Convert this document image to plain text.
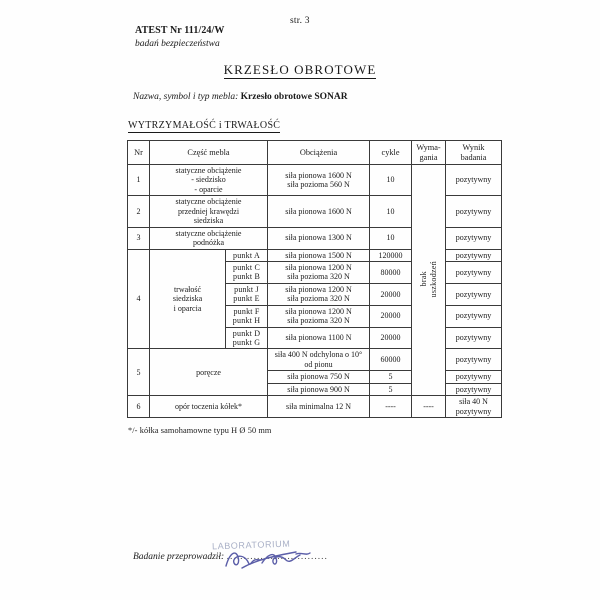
str. 3
ATEST Nr 111/24/W
badań bezpieczeństwa
KRZESŁO OBROTOWE
Nazwa, symbol i typ mebla: Krzesło obrotowe SONAR
WYTRZYMAŁOŚĆ i TRWAŁOŚĆ
Nr	Część mebla		Obciążenia	cykle	Wyma-
gania	Wynik
badania
1	statyczne obciążenie
- siedzisko
- oparcie		siła pionowa 1600 N
siła pozioma 560 N	10	brak
uszkodzeń	pozytywny
2	statyczne obciążenie
przedniej krawędzi
siedziska		siła pionowa 1600 N	10		pozytywny
3	statyczne obciążenie
podnóżka		siła pionowa 1300 N	10		pozytywny
4	trwałość
siedziska
i oparcia	punkt A	siła pionowa 1500 N	120000		pozytywny
		punkt C
punkt B	siła pionowa 1200 N
siła pozioma 320 N	80000		pozytywny
		punkt J
punkt E	siła pionowa 1200 N
siła pozioma 320 N	20000		pozytywny
		punkt F
punkt H	siła pionowa 1200 N
siła pozioma 320 N	20000		pozytywny
		punkt D
punkt G	siła pionowa 1100 N	20000		pozytywny
5	poręcze		siła 400 N odchylona o 10°
od pionu	60000		pozytywny
			siła pionowa 750 N	5		pozytywny
			siła pionowa 900 N	5		pozytywny
6	opór toczenia kółek*		siła minimalna 12 N	----	----	siła 40 N
pozytywny
*/- kółka samohamowne typu H Ø 50 mm
Badanie przeprowadził: ..............................
LABORATORIUM
